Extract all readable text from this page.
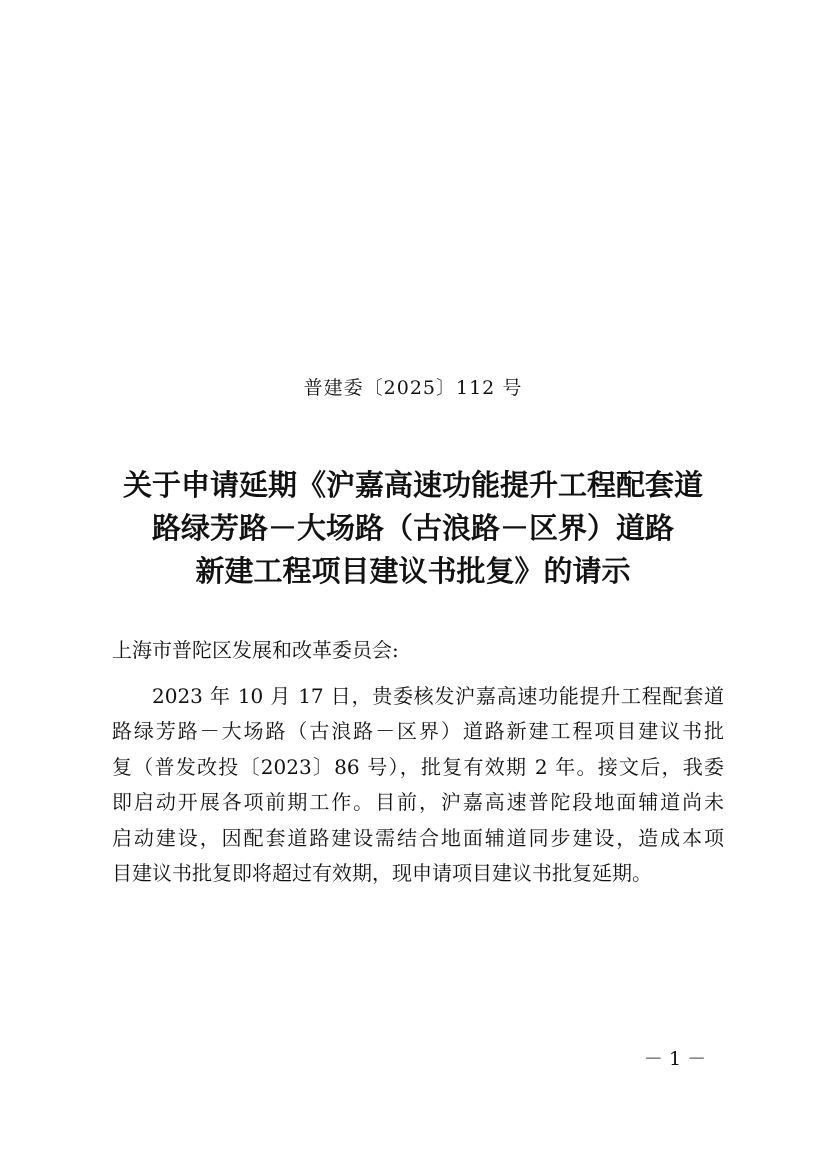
普建委〔2025〕112 号
关于申请延期《沪嘉高速功能提升工程配套道
路绿芳路－大场路（古浪路－区界）道路
新建工程项目建议书批复》的请示
上海市普陀区发展和改革委员会:
2023 年 10 月 17 日，贵委核发沪嘉高速功能提升工程配套道
路绿芳路－大场路（古浪路－区界）道路新建工程项目建议书批
复（普发改投〔2023〕86 号），批复有效期 2 年。接文后，我委
即启动开展各项前期工作。目前，沪嘉高速普陀段地面辅道尚未
启动建设，因配套道路建设需结合地面辅道同步建设，造成本项
目建议书批复即将超过有效期，现申请项目建议书批复延期。
－ 1 －
